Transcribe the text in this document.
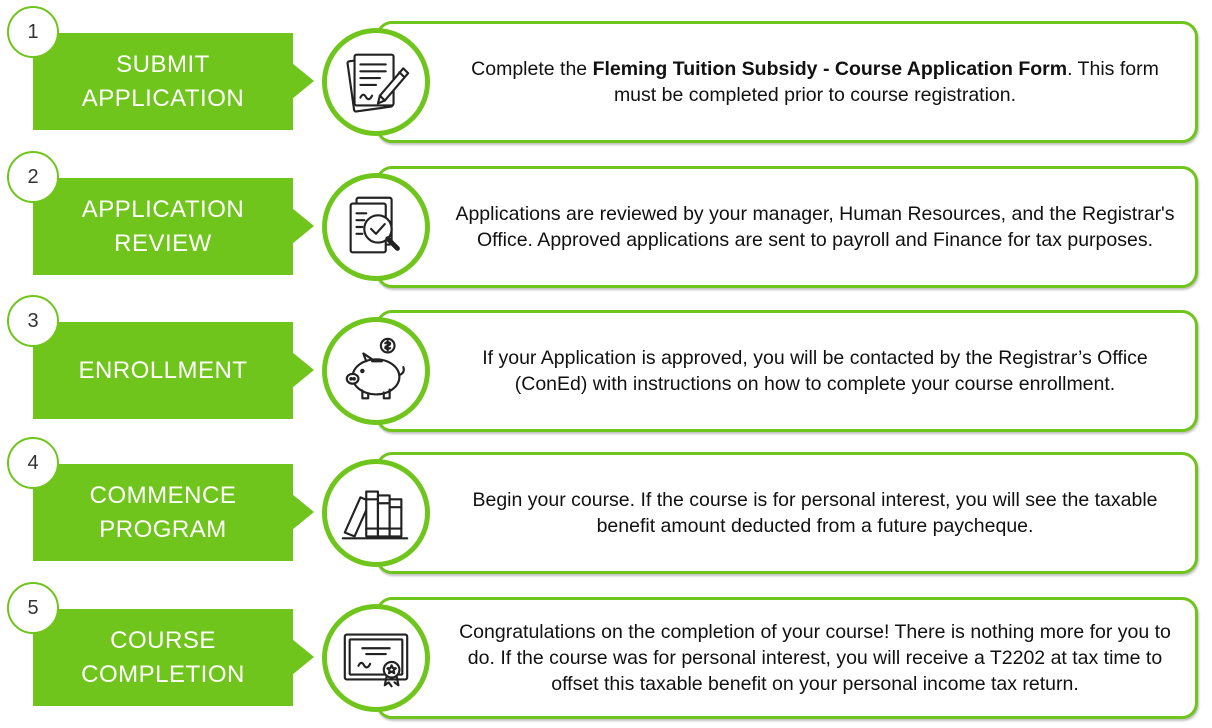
1
SUBMIT
APPLICATION
Complete the Fleming Tuition Subsidy - Course Application Form. This form must be completed prior to course registration.
2
APPLICATION
REVIEW
Applications are reviewed by your manager, Human Resources, and the Registrar's Office. Approved applications are sent to payroll and Finance for tax purposes.
3
ENROLLMENT	If your Application is approved, you will be contacted by the Registrar’s Office (ConEd) with instructions on how to complete your course enrollment.
4
COMMENCE
PROGRAM
Begin your course. If the course is for personal interest, you will see the taxable benefit amount deducted from a future paycheque.
5
COURSE
COMPLETION
Congratulations on the completion of your course! There is nothing more for you to do. If the course was for personal interest, you will receive a T2202 at tax time to offset this taxable benefit on your personal income tax return.
